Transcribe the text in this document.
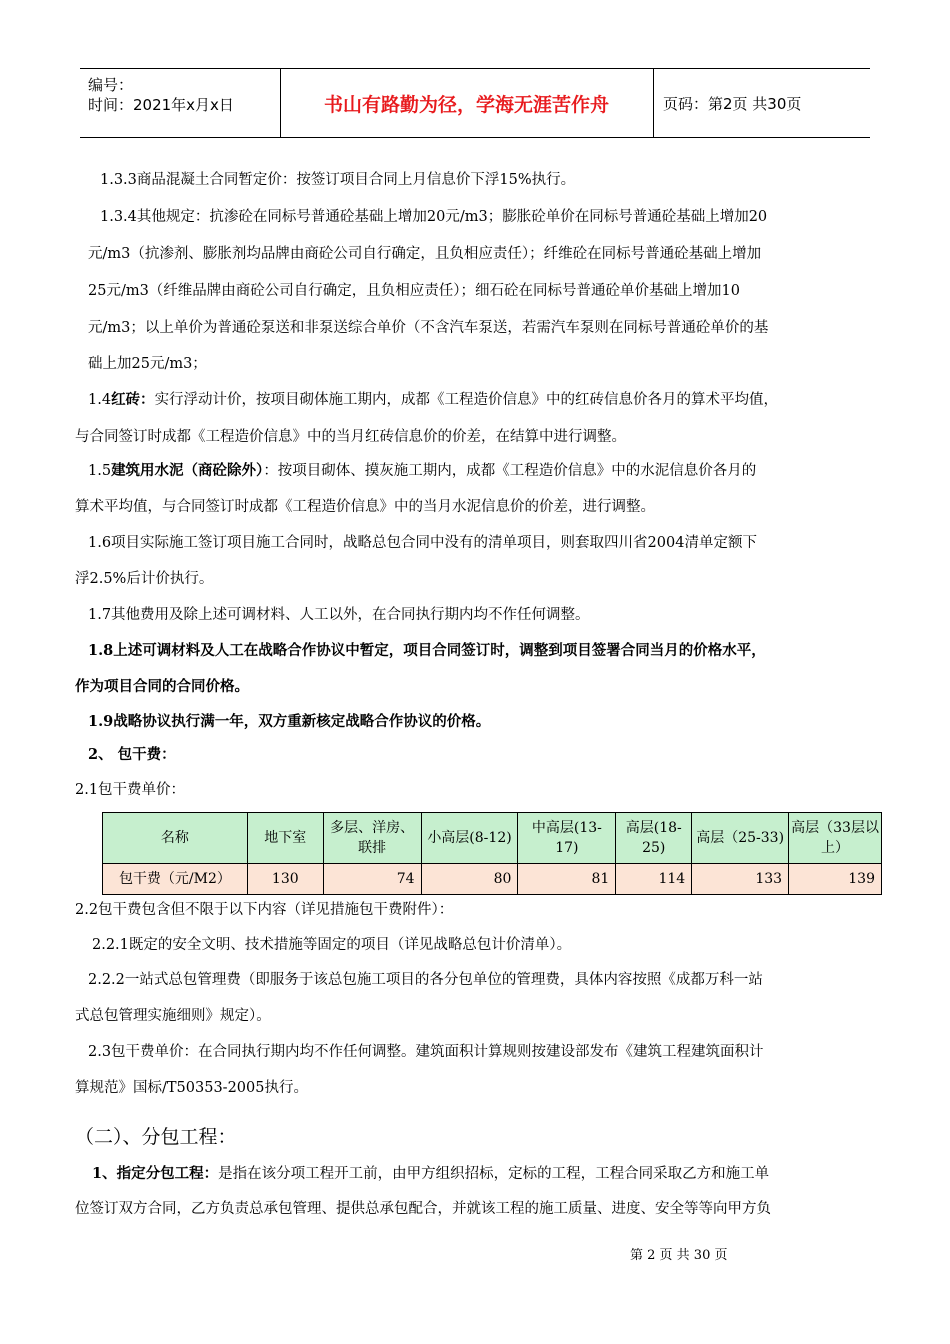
编号：
时间：2021年x月x日	书山有路勤为径，学海无涯苦作舟	页码：第2页 共30页
1.3.3商品混凝土合同暂定价：按签订项目合同上月信息价下浮15%执行。
1.3.4其他规定：抗渗砼在同标号普通砼基础上增加20元/m3；膨胀砼单价在同标号普通砼基础上增加20
元/m3（抗渗剂、膨胀剂均品牌由商砼公司自行确定，且负相应责任）；纤维砼在同标号普通砼基础上增加
25元/m3（纤维品牌由商砼公司自行确定，且负相应责任）；细石砼在同标号普通砼单价基础上增加10
元/m3；以上单价为普通砼泵送和非泵送综合单价（不含汽车泵送，若需汽车泵则在同标号普通砼单价的基
础上加25元/m3；
1.4红砖：实行浮动计价，按项目砌体施工期内，成都《工程造价信息》中的红砖信息价各月的算术平均值，
与合同签订时成都《工程造价信息》中的当月红砖信息价的价差，在结算中进行调整。
1.5建筑用水泥（商砼除外）：按项目砌体、摸灰施工期内，成都《工程造价信息》中的水泥信息价各月的
算术平均值，与合同签订时成都《工程造价信息》中的当月水泥信息价的价差，进行调整。
1.6项目实际施工签订项目施工合同时，战略总包合同中没有的清单项目，则套取四川省2004清单定额下
浮2.5%后计价执行。
1.7其他费用及除上述可调材料、人工以外，在合同执行期内均不作任何调整。
1.8上述可调材料及人工在战略合作协议中暂定，项目合同签订时，调整到项目签署合同当月的价格水平，
作为项目合同的合同价格。
1.9战略协议执行满一年，双方重新核定战略合作协议的价格。
2、 包干费：
2.1包干费单价：
名称	地下室	多层、洋房、联排	小高层(8-12)	中高层(13-17)	高层(18-25)	高层（25-33)	高层（33层以上）
包干费（元/M2）	130	74	80	81	114	133	139
2.2包干费包含但不限于以下内容（详见措施包干费附件）：
2.2.1既定的安全文明、技术措施等固定的项目（详见战略总包计价清单）。
2.2.2一站式总包管理费（即服务于该总包施工项目的各分包单位的管理费，具体内容按照《成都万科一站
式总包管理实施细则》规定）。
2.3包干费单价：在合同执行期内均不作任何调整。建筑面积计算规则按建设部发布《建筑工程建筑面积计
算规范》国标/T50353-2005执行。
（二）、分包工程：
1、指定分包工程：是指在该分项工程开工前，由甲方组织招标，定标的工程，工程合同采取乙方和施工单
位签订双方合同，乙方负责总承包管理、提供总承包配合，并就该工程的施工质量、进度、安全等等向甲方负
第 2 页 共 30 页
